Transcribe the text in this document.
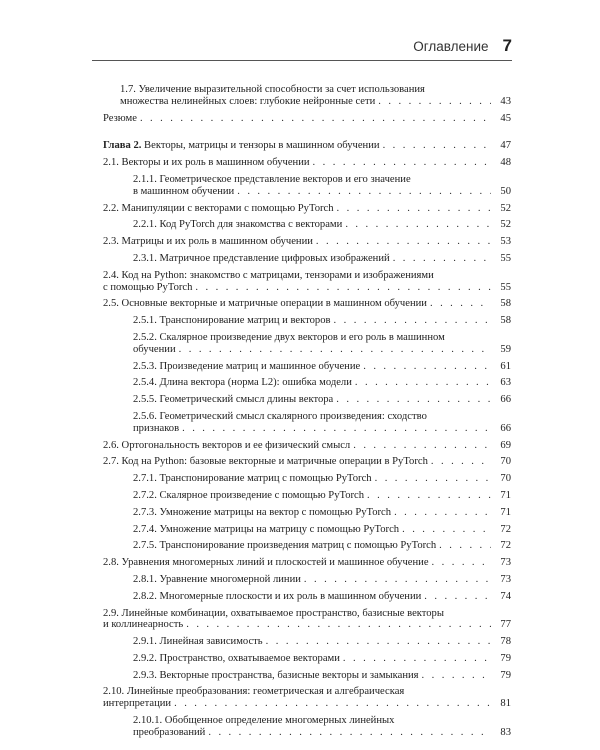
Оглавление 7
1.7. Увеличение выразительной способности за счет использования
множества нелинейных слоев: глубокие нейронные сети . . .	43
Резюме . . .	45
Глава 2. Векторы, матрицы и тензоры в машинном обучении . . .	47
2.1. Векторы и их роль в машинном обучении . . .	48
2.1.1. Геометрическое представление векторов и его значение
в машинном обучении . . .	50
2.2. Манипуляции с векторами с помощью PyTorch . . .	52
2.2.1. Код PyTorch для знакомства с векторами . . .	52
2.3. Матрицы и их роль в машинном обучении . . .	53
2.3.1. Матричное представление цифровых изображений . . .	55
2.4. Код на Python: знакомство с матрицами, тензорами и изображениями
с помощью PyTorch . . .	55
2.5. Основные векторные и матричные операции в машинном обучении . . .	58
2.5.1. Транспонирование матриц и векторов . . .	58
2.5.2. Скалярное произведение двух векторов и его роль в машинном
обучении . . .	59
2.5.3. Произведение матриц и машинное обучение . . .	61
2.5.4. Длина вектора (норма L2): ошибка модели . . .	63
2.5.5. Геометрический смысл длины вектора . . .	66
2.5.6. Геометрический смысл скалярного произведения: сходство
признаков . . .	66
2.6. Ортогональность векторов и ее физический смысл . . .	69
2.7. Код на Python: базовые векторные и матричные операции в PyTorch . . .	70
2.7.1. Транспонирование матриц с помощью PyTorch . . .	70
2.7.2. Скалярное произведение с помощью PyTorch . . .	71
2.7.3. Умножение матрицы на вектор с помощью PyTorch . . .	71
2.7.4. Умножение матрицы на матрицу с помощью PyTorch . . .	72
2.7.5. Транспонирование произведения матриц с помощью PyTorch . . .	72
2.8. Уравнения многомерных линий и плоскостей и машинное обучение . . .	73
2.8.1. Уравнение многомерной линии . . .	73
2.8.2. Многомерные плоскости и их роль в машинном обучении . . .	74
2.9. Линейные комбинации, охватываемое пространство, базисные векторы
и коллинеарность . . .	77
2.9.1. Линейная зависимость . . .	78
2.9.2. Пространство, охватываемое векторами . . .	79
2.9.3. Векторные пространства, базисные векторы и замыкания . . .	79
2.10. Линейные преобразования: геометрическая и алгебраическая
интерпретации . . .	81
2.10.1. Обобщенное определение многомерных линейных
преобразований . . .	83
